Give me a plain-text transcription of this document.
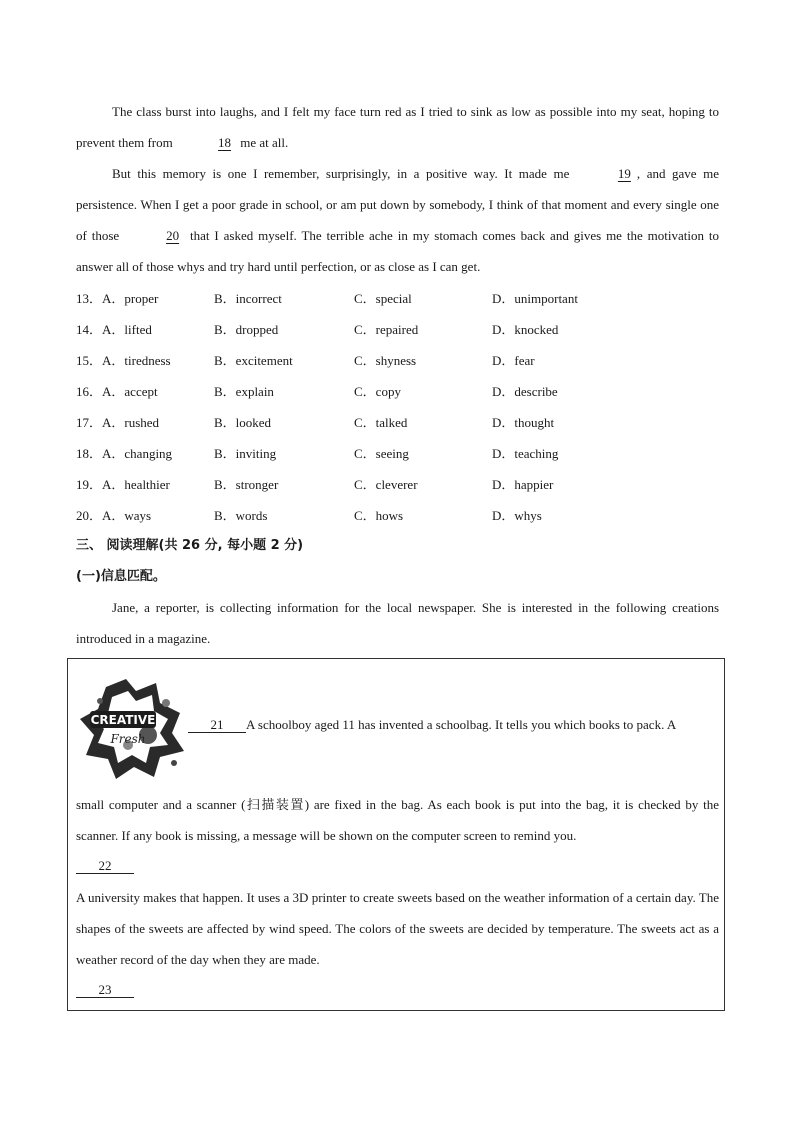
The class burst into laughs, and I felt my face turn red as I tried to sink as low as possible into my seat, hoping to prevent them from	18 me at all.

But this memory is one I remember, surprisingly, in a positive way. It made me	19 , and gave me persistence. When I get a poor grade in school, or am put down by somebody, I think of that moment and every single one of those	20 that I asked myself. The terrible ache in my stomach comes back and gives me the motivation to answer all of those whys and try hard until perfection, or as close as I can get.

13．A．proper	B．incorrect	C．special	D．unimportant
14．A．lifted	B．dropped	C．repaired	D．knocked
15．A．tiredness	B．excitement	C．shyness	D．fear
16．A．accept	B．explain	C．copy	D．describe
17．A．rushed	B．looked	C．talked	D．thought
18．A．changing	B．inviting	C．seeing	D．teaching
19．A．healthier	B．stronger	C．cleverer	D．happier
20．A．ways	B．words	C．hows	D．whys
三、 阅读理解(共 26 分, 每小题 2 分)
(一)信息匹配。

Jane, a reporter, is collecting information for the local newspaper. She is interested in the following creations introduced in a magazine.

CREATIVE
Fresh
21 A schoolboy aged 11 has invented a schoolbag. It tells you which books to pack. A

small computer and a scanner (扫描装置) are fixed in the bag. As each book is put into the bag, it is checked by the scanner. If any book is missing, a message will be shown on the computer screen to remind you.

22

A university makes that happen. It uses a 3D printer to create sweets based on the weather information of a certain day. The shapes of the sweets are affected by wind speed. The colors of the sweets are decided by temperature. The sweets act as a weather record of the day when they are made.

23
